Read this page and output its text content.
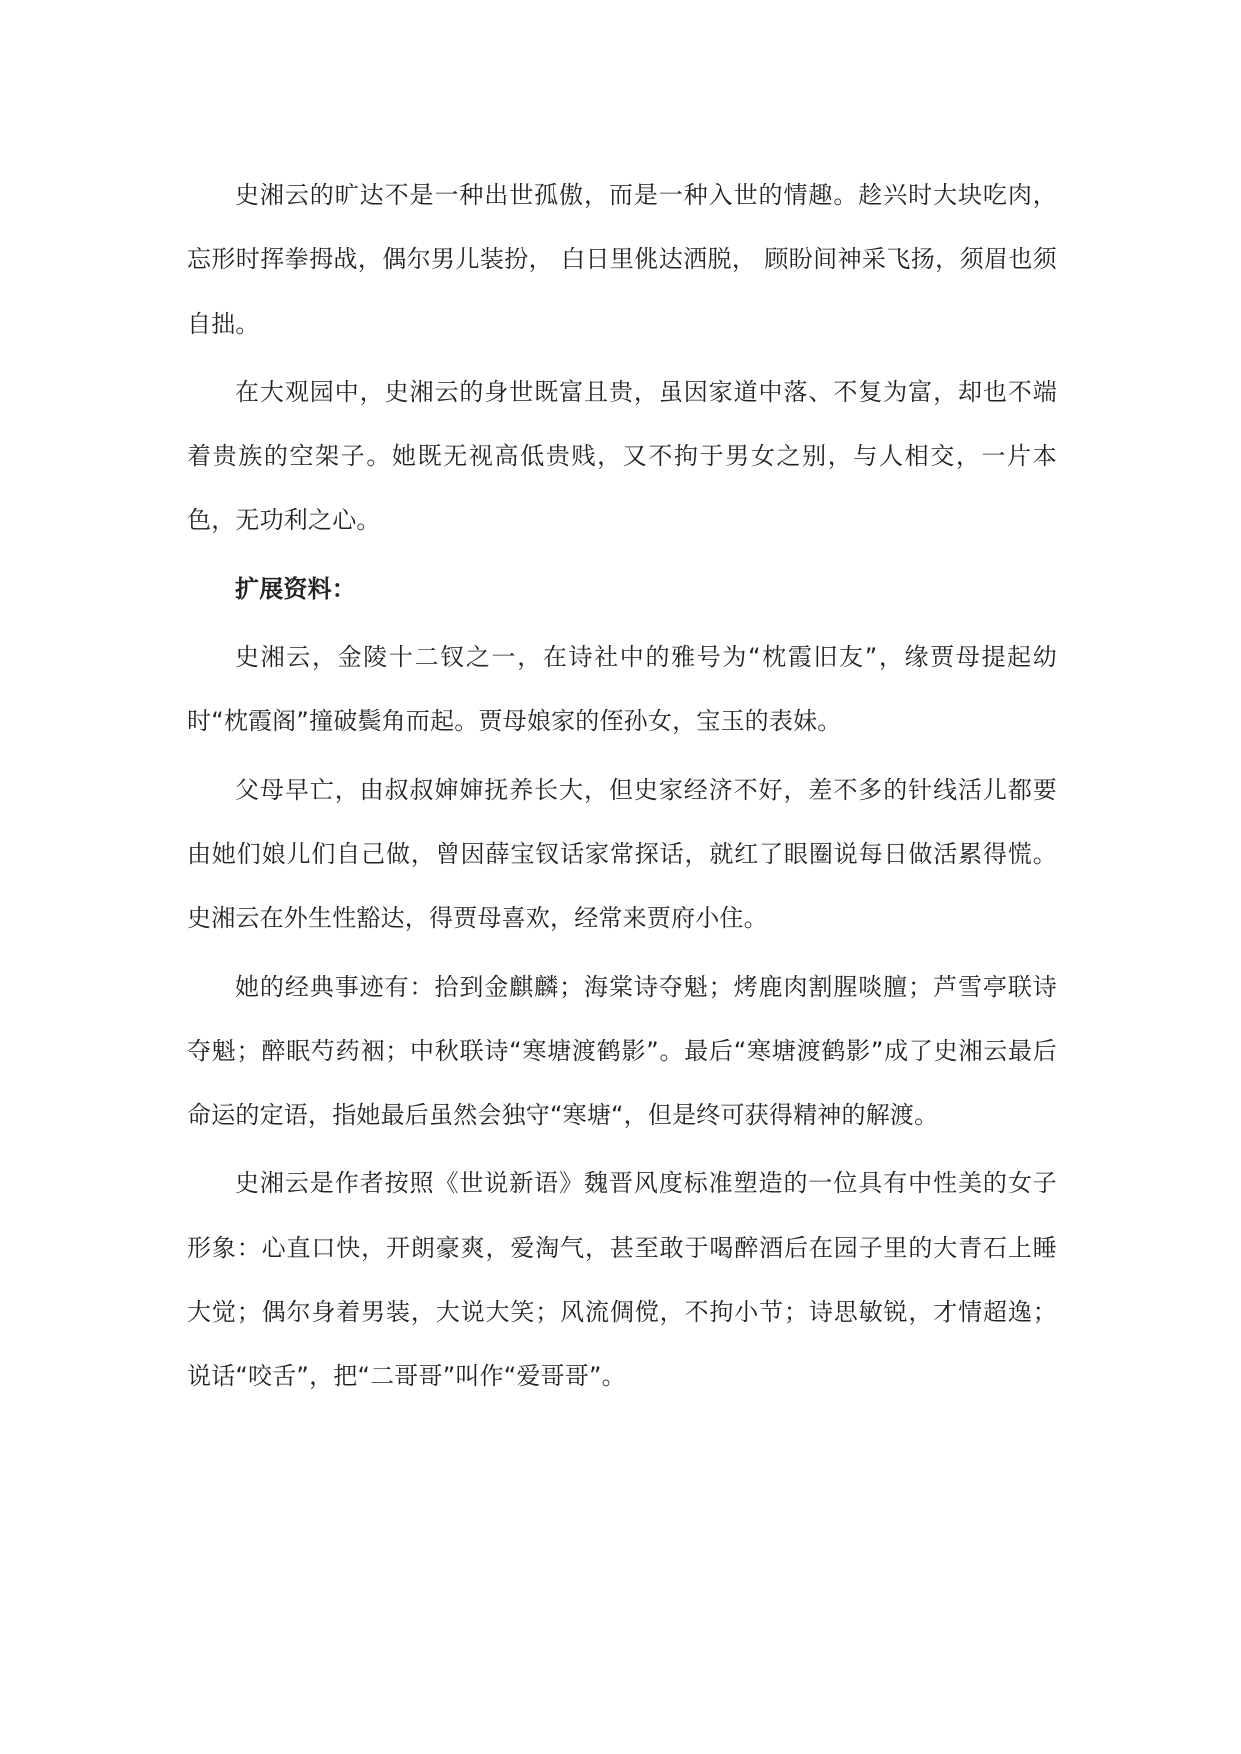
史湘云的旷达不是一种出世孤傲，而是一种入世的情趣。趁兴时大块吃肉，忘形时挥拳拇战，偶尔男儿装扮， 白日里佻达洒脱， 顾盼间神采飞扬，须眉也须自拙。

在大观园中，史湘云的身世既富且贵，虽因家道中落、不复为富，却也不端着贵族的空架子。她既无视高低贵贱，又不拘于男女之别，与人相交，一片本色，无功利之心。

扩展资料：

史湘云，金陵十二钗之一，在诗社中的雅号为“枕霞旧友”，缘贾母提起幼时“枕霞阁”撞破鬓角而起。贾母娘家的侄孙女，宝玉的表妹。

父母早亡，由叔叔婶婶抚养长大，但史家经济不好，差不多的针线活儿都要由她们娘儿们自己做，曾因薛宝钗话家常探话，就红了眼圈说每日做活累得慌。史湘云在外生性豁达，得贾母喜欢，经常来贾府小住。

她的经典事迹有：拾到金麒麟；海棠诗夺魁；烤鹿肉割腥啖膻；芦雪亭联诗夺魁；醉眠芍药裀；中秋联诗“寒塘渡鹤影”。最后“寒塘渡鹤影”成了史湘云最后命运的定语，指她最后虽然会独守“寒塘“，但是终可获得精神的解渡。

史湘云是作者按照《世说新语》魏晋风度标准塑造的一位具有中性美的女子形象：心直口快，开朗豪爽，爱淘气，甚至敢于喝醉酒后在园子里的大青石上睡大觉；偶尔身着男装，大说大笑；风流倜傥，不拘小节；诗思敏锐，才情超逸；说话“咬舌”，把“二哥哥”叫作“爱哥哥”。
